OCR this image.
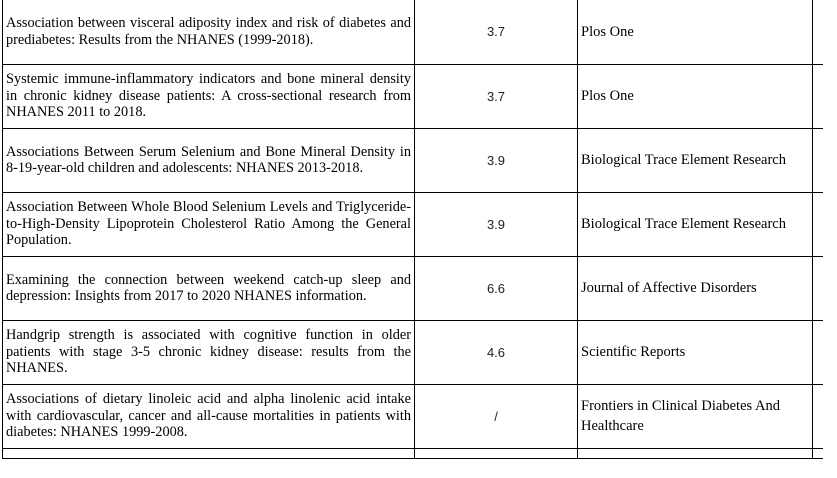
Association between visceral adiposity index and risk of diabetes and prediabetes: Results from the NHANES (1999-2018).	3.7	Plos One	
Systemic immune-inflammatory indicators and bone mineral density in chronic kidney disease patients: A cross-sectional research from NHANES 2011 to 2018.	3.7	Plos One	
Associations Between Serum Selenium and Bone Mineral Density in 8-19-year-old children and adolescents: NHANES 2013-2018.	3.9	Biological Trace Element Research	
Association Between Whole Blood Selenium Levels and Triglyceride-to-High-Density Lipoprotein Cholesterol Ratio Among the General Population.	3.9	Biological Trace Element Research	
Examining the connection between weekend catch-up sleep and depression: Insights from 2017 to 2020 NHANES information.	6.6	Journal of Affective Disorders	
Handgrip strength is associated with cognitive function in older patients with stage 3-5 chronic kidney disease: results from the NHANES.	4.6	Scientific Reports	
Associations of dietary linoleic acid and alpha linolenic acid intake with cardiovascular, cancer and all-cause mortalities in patients with diabetes: NHANES 1999-2008.	/	Frontiers in Clinical Diabetes And Healthcare	
